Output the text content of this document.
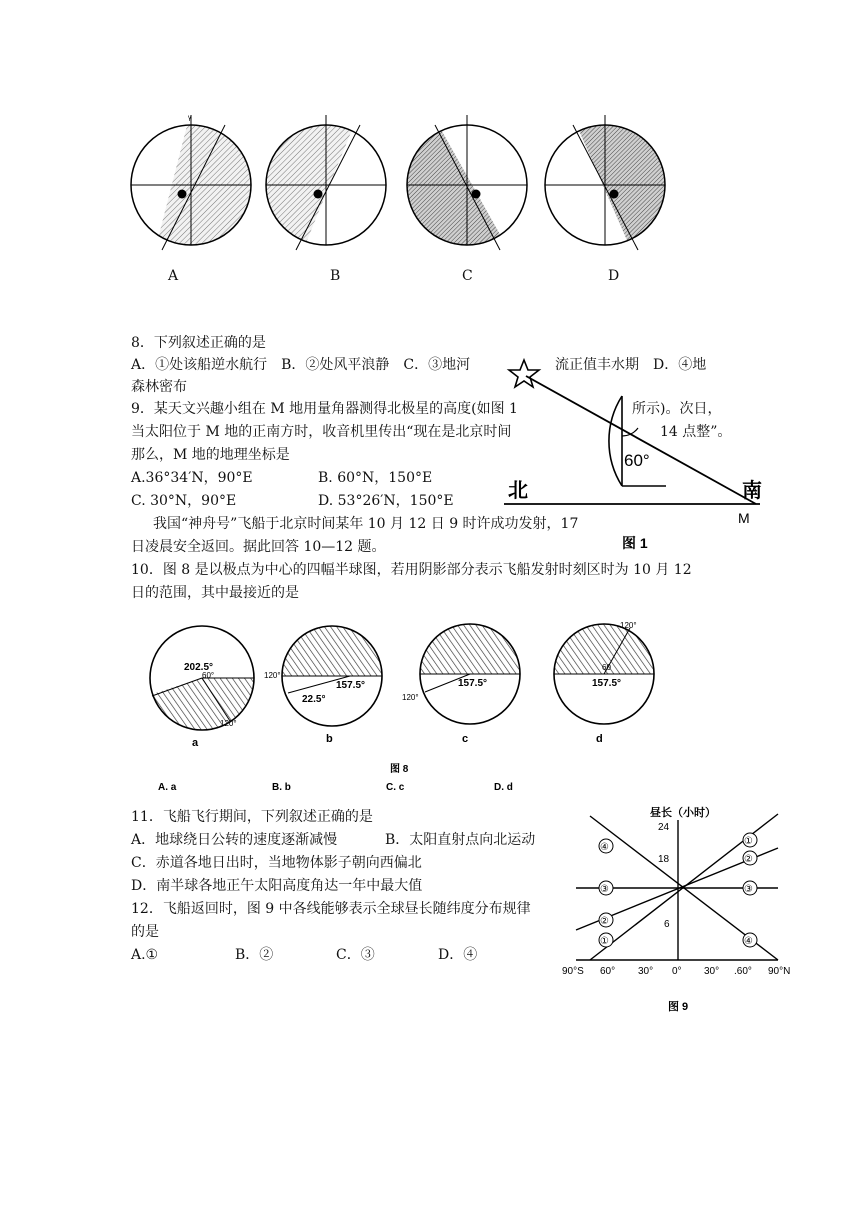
ᵞ
A	B	C	D
8．下列叙述正确的是
A．①处该船逆水航行　B．②处风平浪静　C．③地河	流正值丰水期　D．④地
森林密布
9．某天文兴趣小组在 M 地用量角器测得北极星的高度(如图 1	所示)。次日，
当太阳位于 M 地的正南方时，收音机里传出“现在是北京时间	14 点整”。
那么，M 地的地理坐标是
A.36°34′N，90°E	B. 60°N，150°E
C. 30°N，90°E	D. 53°26′N，150°E
60°
北	南
M
图 1
我国“神舟号”飞船于北京时间某年 10 月 12 日 9 时许成功发射，17
日凌晨安全返回。据此回答 10—12 题。
10．图 8 是以极点为中心的四幅半球图，若用阴影部分表示飞船发射时刻区时为 10 月 12
日的范围，其中最接近的是
202.5°
60°
120°
a
120°
157.5°
22.5°
b
157.5°
120°
c
120°
60
157.5°
d
图 8
A. a	B. b	C. c	D. d
11．飞船飞行期间，下列叙述正确的是
A．地球绕日公转的速度逐渐减慢	B．太阳直射点向北运动
C．赤道各地日出时，当地物体影子朝向西偏北
D．南半球各地正午太阳高度角达一年中最大值
12．飞船返回时，图 9 中各线能够表示全球昼长随纬度分布规律
的是
A.①	B．②	C．③	D．④
昼长（小时）
24
18
6
①
②
③
④
④
③
②
①
90°S 60° 30° 0° 30° .60° 90°N
图 9
